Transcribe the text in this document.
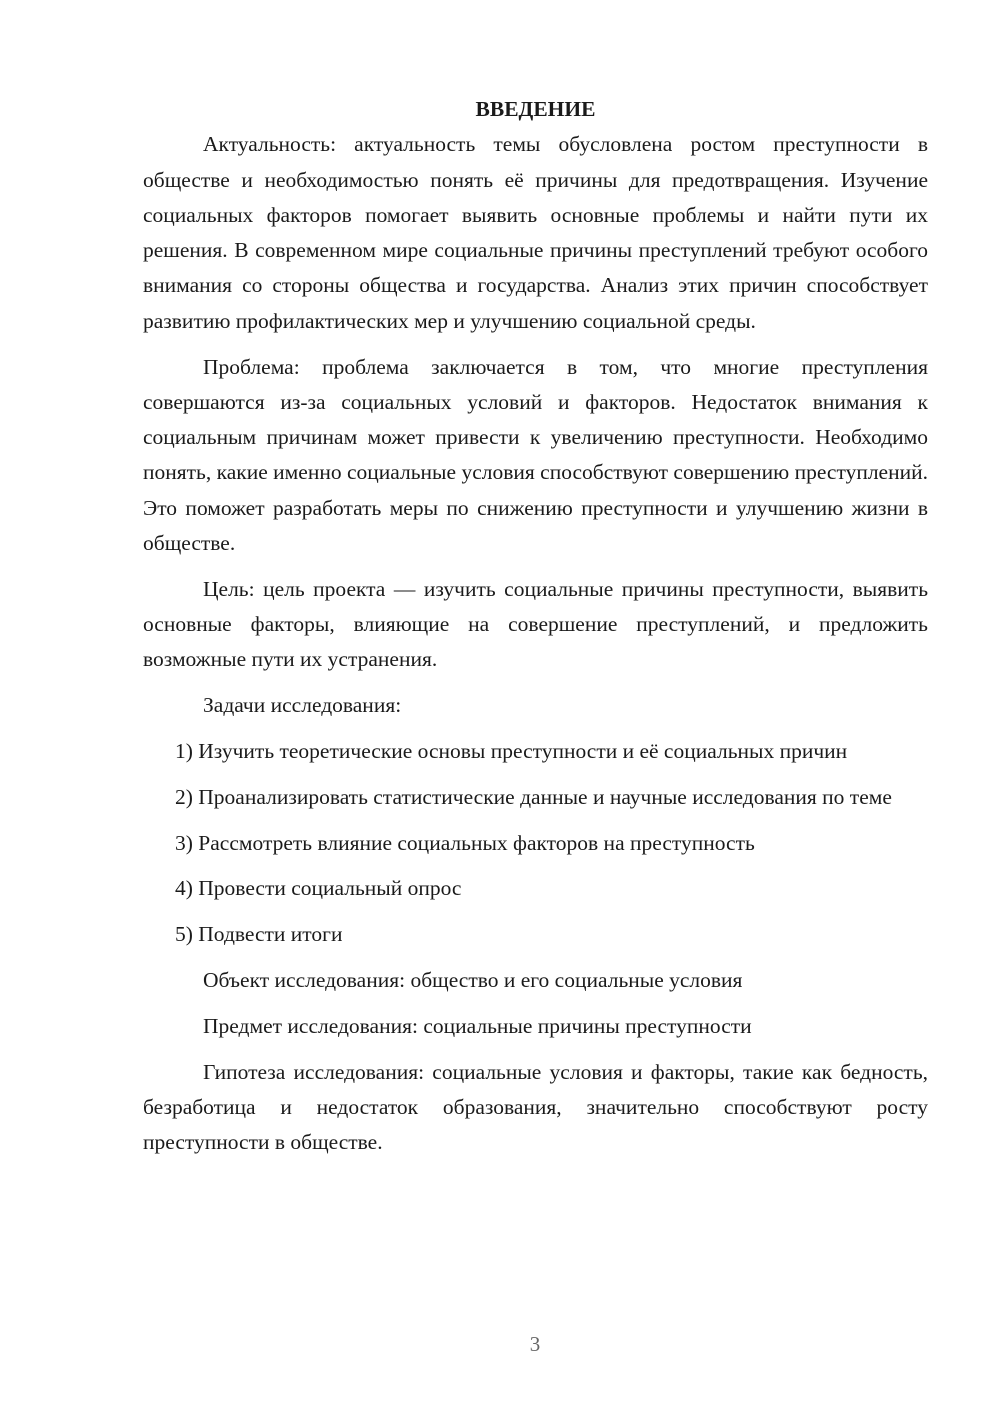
ВВЕДЕНИЕ

Актуальность: актуальность темы обусловлена ростом преступности в обществе и необходимостью понять её причины для предотвращения. Изучение социальных факторов помогает выявить основные проблемы и найти пути их решения. В современном мире социальные причины преступлений требуют особого внимания со стороны общества и государства. Анализ этих причин способствует развитию профилактических мер и улучшению социальной среды.

Проблема: проблема заключается в том, что многие преступления совершаются из-за социальных условий и факторов. Недостаток внимания к социальным причинам может привести к увеличению преступности. Необходимо понять, какие именно социальные условия способствуют совершению преступлений. Это поможет разработать меры по снижению преступности и улучшению жизни в обществе.

Цель: цель проекта — изучить социальные причины преступности, выявить основные факторы, влияющие на совершение преступлений, и предложить возможные пути их устранения.

Задачи исследования:

1) Изучить теоретические основы преступности и её социальных причин

2) Проанализировать статистические данные и научные исследования по теме

3) Рассмотреть влияние социальных факторов на преступность

4) Провести социальный опрос

5) Подвести итоги

Объект исследования: общество и его социальные условия

Предмет исследования: социальные причины преступности

Гипотеза исследования: социальные условия и факторы, такие как бедность, безработица и недостаток образования, значительно способствуют росту преступности в обществе.

3
